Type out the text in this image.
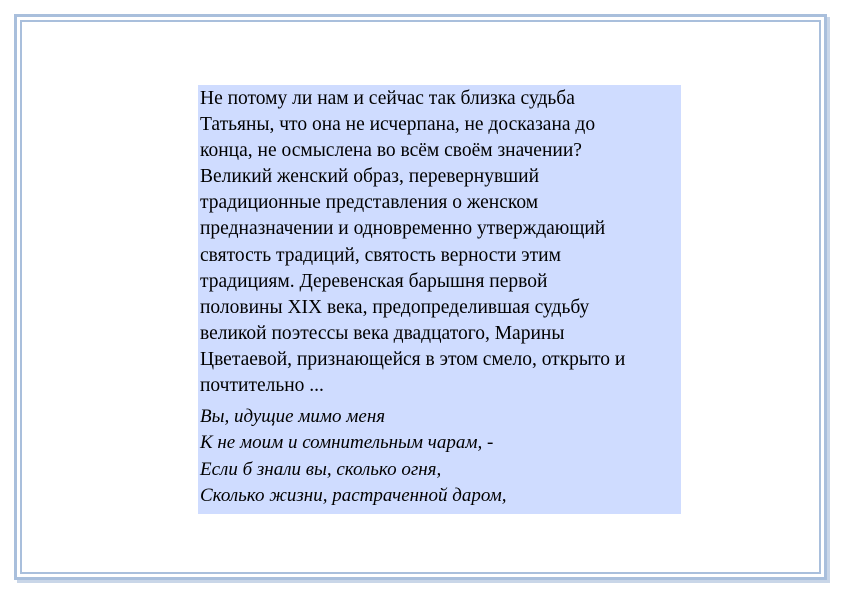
Не потому ли нам и сейчас так близка судьба
Татьяны, что она не исчерпана, не досказана до
конца, не осмыслена во всём своём значении?
Великий женский образ, перевернувший
традиционные представления о женском
предназначении и одновременно утверждающий
святость традиций, святость верности этим
традициям. Деревенская барышня первой
половины XIX века, предопределившая судьбу
великой поэтессы века двадцатого, Марины
Цветаевой, признающейся в этом смело, открыто и
почтительно ...

Вы, идущие мимо меня
К не моим и сомнительным чарам, -
Если б знали вы, сколько огня,
Сколько жизни, растраченной даром,
